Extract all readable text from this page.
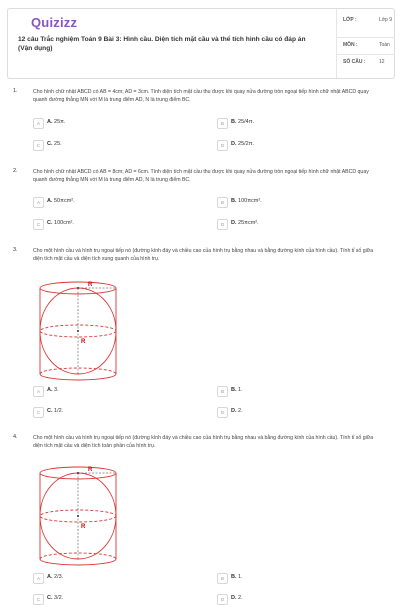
Quizizz
12 câu Trắc nghiệm Toán 9 Bài 3: Hình cầu. Diện tích mặt cầu và thể tích hình cầu có đáp án (Vận dụng)
LỚP :	Lớp 9
MÔN :	Toán
SỐ CÂU :	12
1.	Cho hình chữ nhật ABCD có AB = 4cm; AD = 3cm. Tính diện tích mặt cầu thu được khi quay nửa đường tròn ngoại tiếp hình chữ nhật ABCD quay quanh đường thẳng MN với M là trung điểm AD, N là trung điểm BC.
A	A. 25π.	B	B. 25/4π.
C	C. 25.	D	D. 25/2π.
2.	Cho hình chữ nhật ABCD có AB = 8cm; AD = 6cm. Tính diện tích mặt cầu thu được khi quay nửa đường tròn ngoại tiếp hình chữ nhật ABCD quay quanh đường thẳng MN với M là trung điểm AD, N là trung điểm BC.
A	A. 50πcm².	B	B. 100πcm².
C	C. 100cm².	D	D. 25πcm².
3.	Cho một hình cầu và hình trụ ngoại tiếp nó (đường kính đáy và chiều cao của hình trụ bằng nhau và bằng đường kính của hình cầu). Tính tỉ số giữa diện tích mặt cầu và diện tích xung quanh của hình trụ.
R
R
A	A. 3.	B	B. 1.
C	C. 1/2.	D	D. 2.
4.	Cho một hình cầu và hình trụ ngoại tiếp nó (đường kính đáy và chiều cao của hình trụ bằng nhau và bằng đường kính của hình cầu). Tính tỉ số giữa diện tích mặt cầu và diện tích toàn phần của hình trụ.
R
R
A	A. 2/3.	B	B. 1.
C	C. 3/2.	D	D. 2.
